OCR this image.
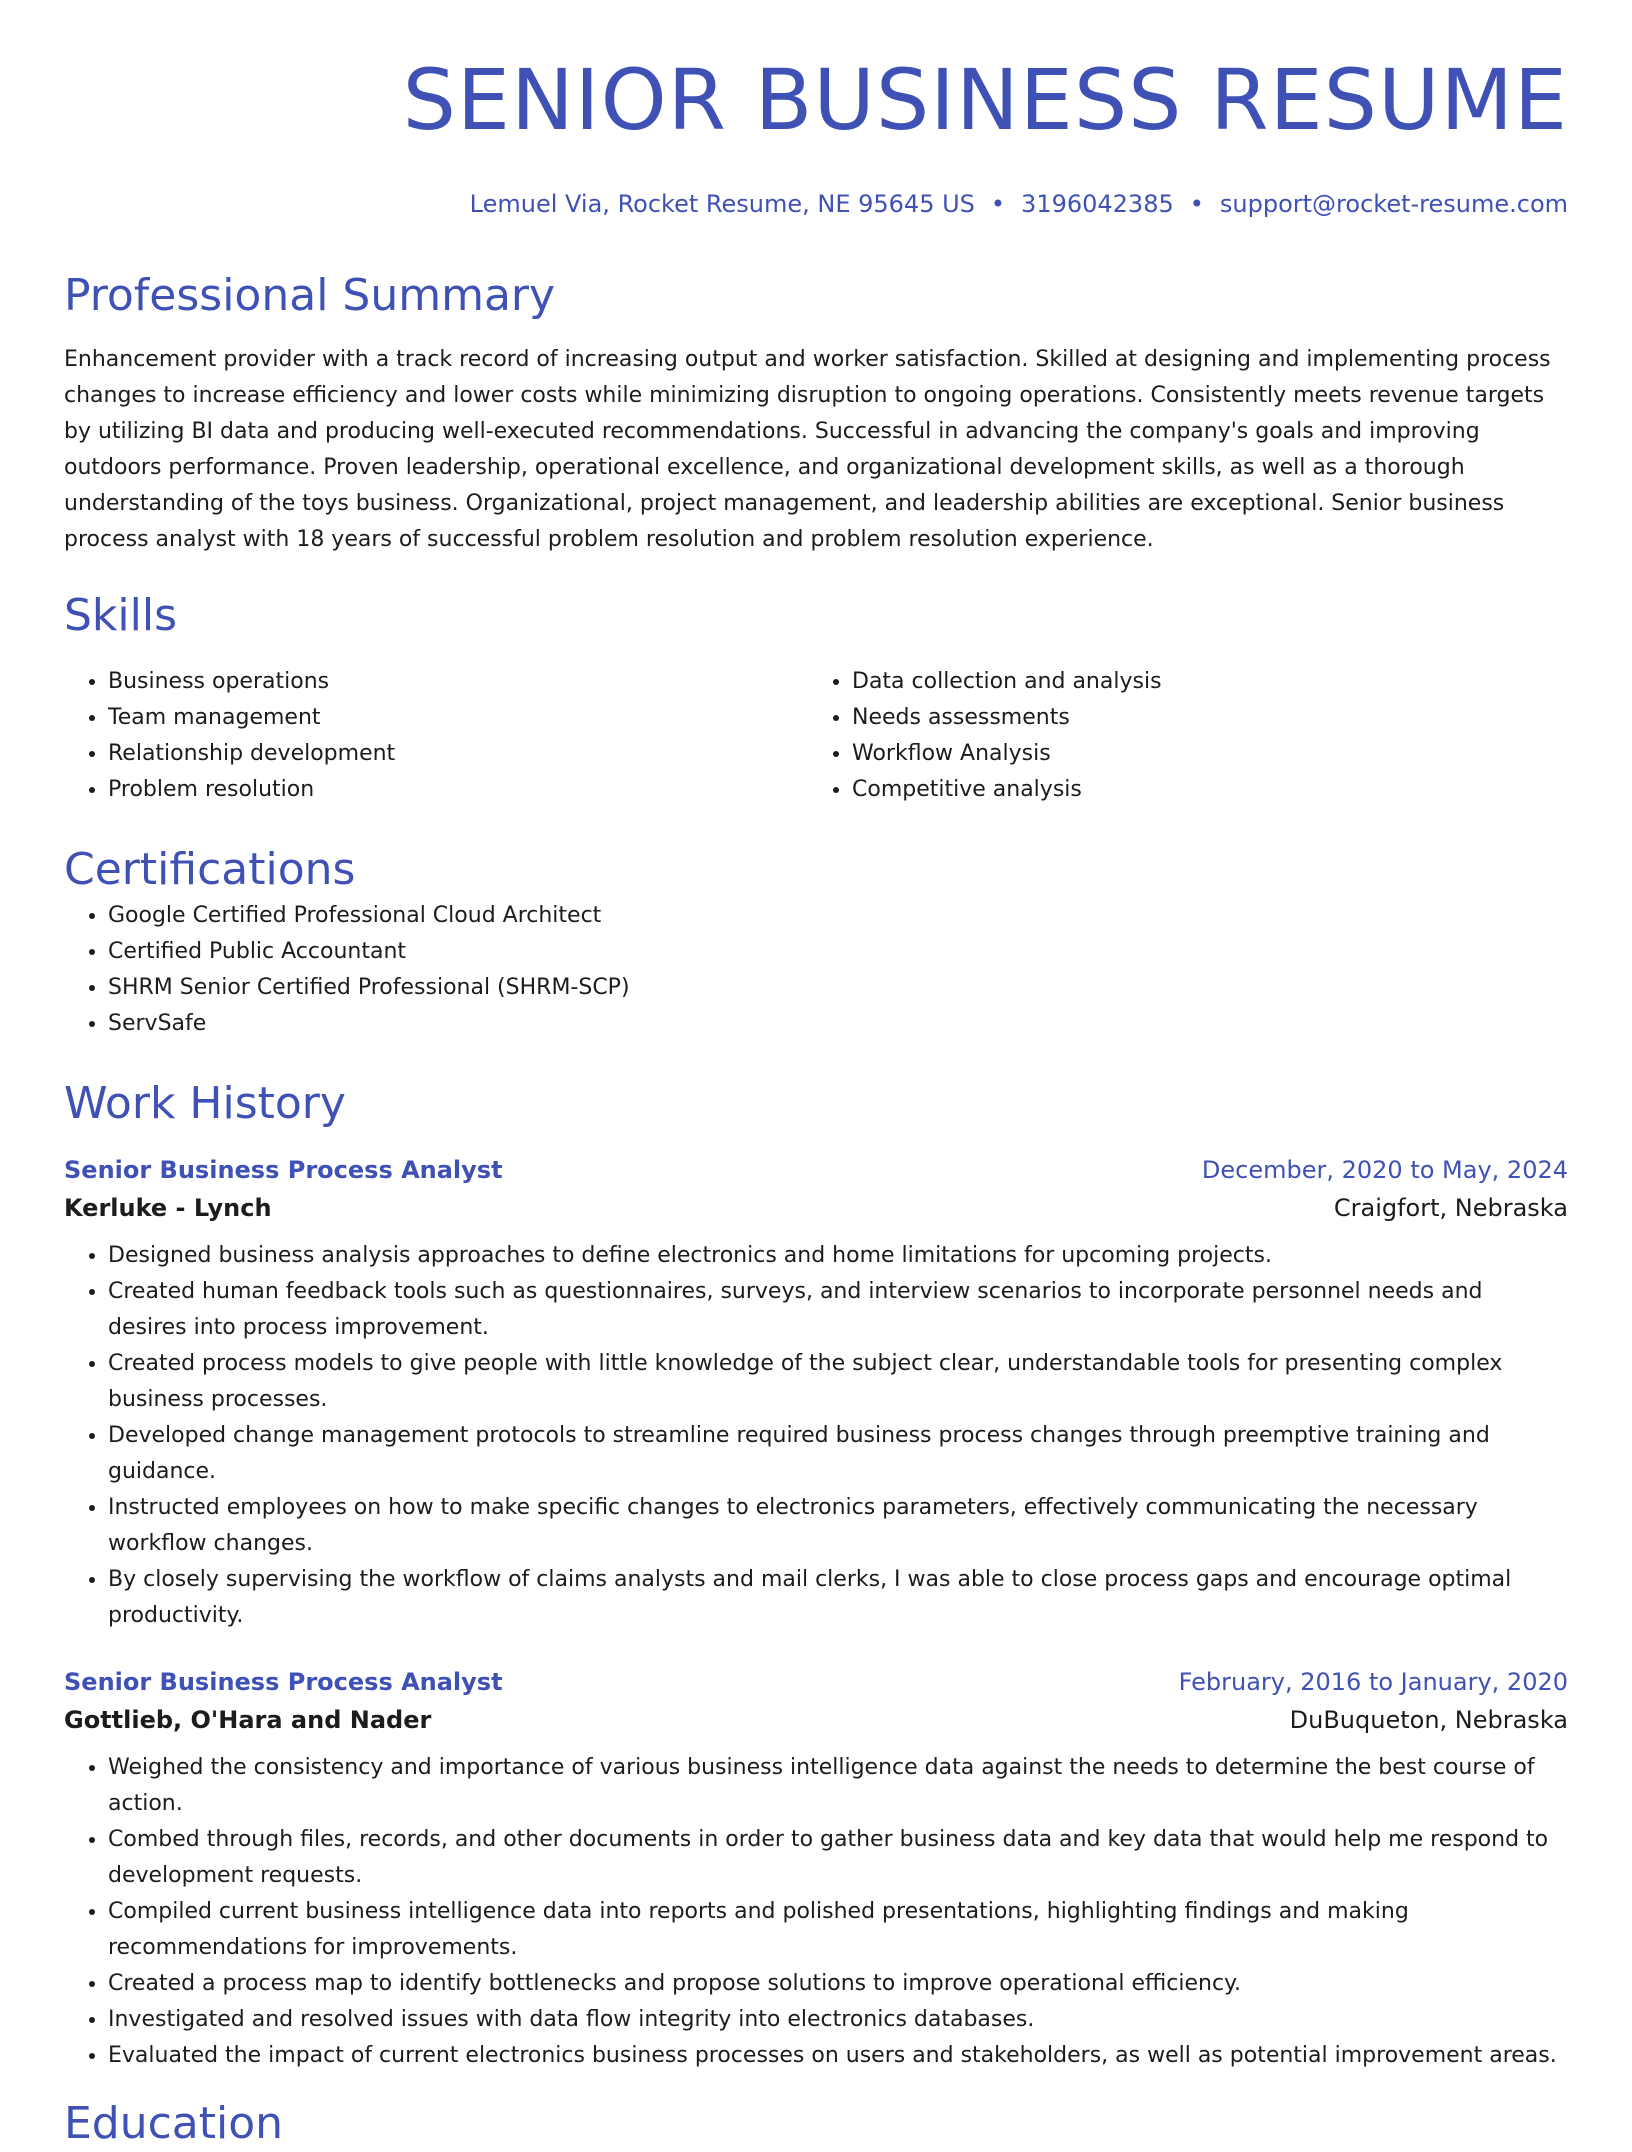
SENIOR BUSINESS RESUME
Lemuel Via, Rocket Resume, NE 95645 US • 3196042385 • support@rocket-resume.com
Professional Summary

Enhancement provider with a track record of increasing output and worker satisfaction. Skilled at designing and implementing process changes to increase efficiency and lower costs while minimizing disruption to ongoing operations. Consistently meets revenue targets by utilizing BI data and producing well-executed recommendations. Successful in advancing the company's goals and improving outdoors performance. Proven leadership, operational excellence, and organizational development skills, as well as a thorough understanding of the toys business. Organizational, project management, and leadership abilities are exceptional. Senior business process analyst with 18 years of successful problem resolution and problem resolution experience.

Skills
• Business operations
• Team management
• Relationship development
• Problem resolution
• Data collection and analysis
• Needs assessments
• Workflow Analysis
• Competitive analysis
Certifications
• Google Certified Professional Cloud Architect
• Certified Public Accountant
• SHRM Senior Certified Professional (SHRM-SCP)
• ServSafe
Work History
Senior Business Process Analyst	December, 2020 to May, 2024
Kerluke - Lynch	Craigfort, Nebraska
• Designed business analysis approaches to define electronics and home limitations for upcoming projects.
• Created human feedback tools such as questionnaires, surveys, and interview scenarios to incorporate personnel needs and desires into process improvement.
• Created process models to give people with little knowledge of the subject clear, understandable tools for presenting complex business processes.
• Developed change management protocols to streamline required business process changes through preemptive training and guidance.
• Instructed employees on how to make specific changes to electronics parameters, effectively communicating the necessary workflow changes.
• By closely supervising the workflow of claims analysts and mail clerks, I was able to close process gaps and encourage optimal productivity.
Senior Business Process Analyst	February, 2016 to January, 2020
Gottlieb, O'Hara and Nader	DuBuqueton, Nebraska
• Weighed the consistency and importance of various business intelligence data against the needs to determine the best course of action.
• Combed through files, records, and other documents in order to gather business data and key data that would help me respond to development requests.
• Compiled current business intelligence data into reports and polished presentations, highlighting findings and making recommendations for improvements.
• Created a process map to identify bottlenecks and propose solutions to improve operational efficiency.
• Investigated and resolved issues with data flow integrity into electronics databases.
• Evaluated the impact of current electronics business processes on users and stakeholders, as well as potential improvement areas.
Education
